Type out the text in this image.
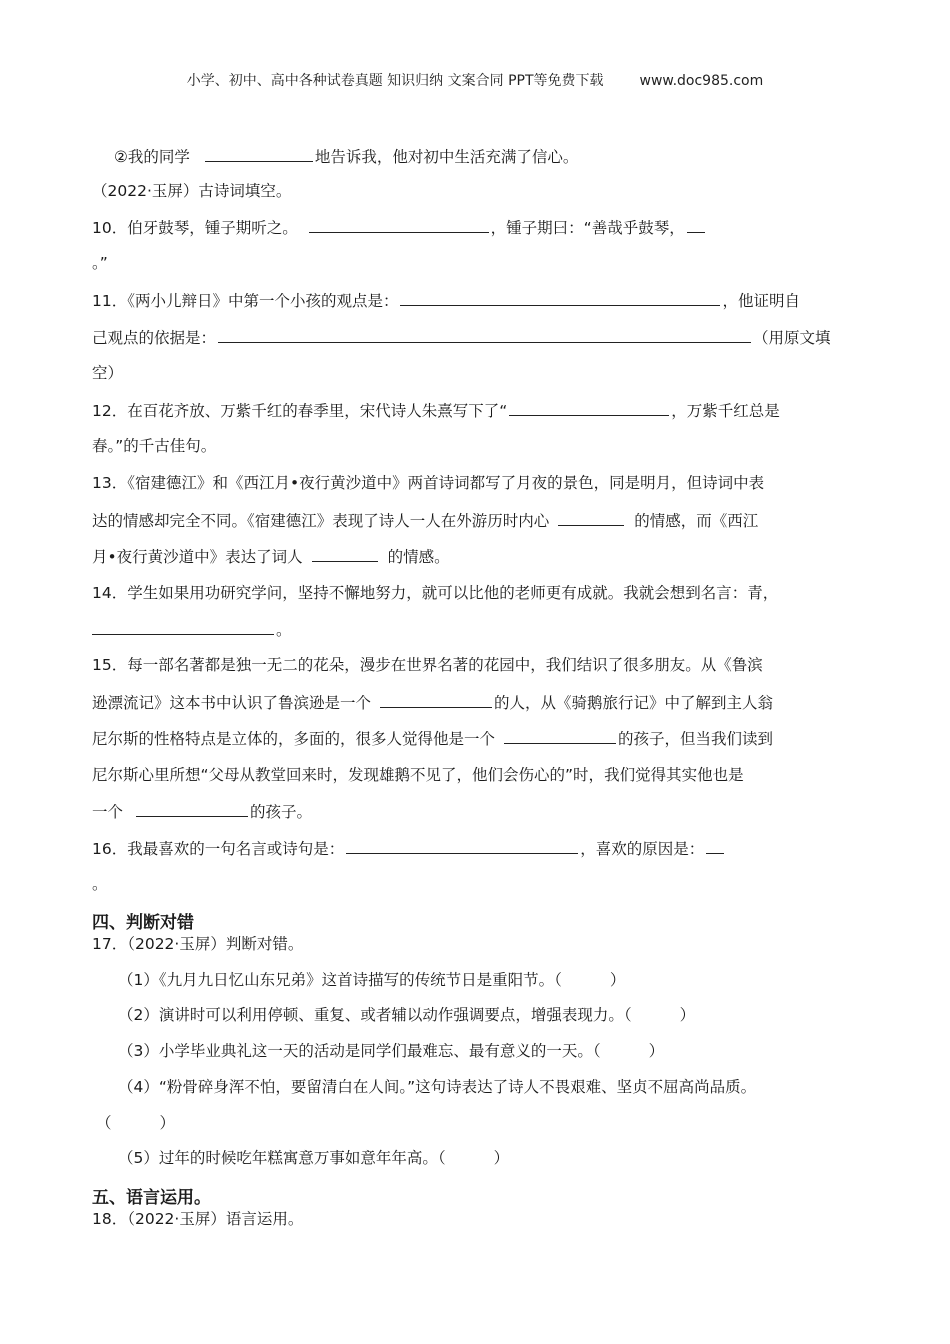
小学、初中、高中各种试卷真题 知识归纳 文案合同 PPT等免费下载	www.doc985.com
②我的同学	地告诉我，他对初中生活充满了信心。
（2022·玉屏）古诗词填空。
10．伯牙鼓琴，锺子期听之。	，锺子期曰：“善哉乎鼓琴，
。”
11．《两小儿辩日》中第一个小孩的观点是：	，他证明自
己观点的依据是：	（用原文填
空）
12．在百花齐放、万紫千红的春季里，宋代诗人朱熹写下了“	，万紫千红总是
春。”的千古佳句。
13．《宿建德江》和《西江月•夜行黄沙道中》两首诗词都写了月夜的景色，同是明月，但诗词中表
达的情感却完全不同。《宿建德江》表现了诗人一人在外游历时内心	的情感，而《西江
月•夜行黄沙道中》表达了词人	的情感。
14．学生如果用功研究学问，坚持不懈地努力，就可以比他的老师更有成就。我就会想到名言：青，
。
15．每一部名著都是独一无二的花朵，漫步在世界名著的花园中，我们结识了很多朋友。从《鲁滨
逊漂流记》这本书中认识了鲁滨逊是一个	的人，从《骑鹅旅行记》中了解到主人翁
尼尔斯的性格特点是立体的，多面的，很多人觉得他是一个	的孩子，但当我们读到
尼尔斯心里所想“父母从教堂回来时，发现雄鹅不见了，他们会伤心的”时，我们觉得其实他也是
一个	的孩子。
16．我最喜欢的一句名言或诗句是：	，喜欢的原因是：
。
四、判断对错
17．（2022·玉屏）判断对错。
（1）《九月九日忆山东兄弟》这首诗描写的传统节日是重阳节。（	）
（2）演讲时可以利用停顿、重复、或者辅以动作强调要点，增强表现力。（	）
（3）小学毕业典礼这一天的活动是同学们最难忘、最有意义的一天。（	）
（4）“粉骨碎身浑不怕，要留清白在人间。”这句诗表达了诗人不畏艰难、坚贞不屈高尚品质。
（	）
（5）过年的时候吃年糕寓意万事如意年年高。（	）
五、语言运用。
18．（2022·玉屏）语言运用。
